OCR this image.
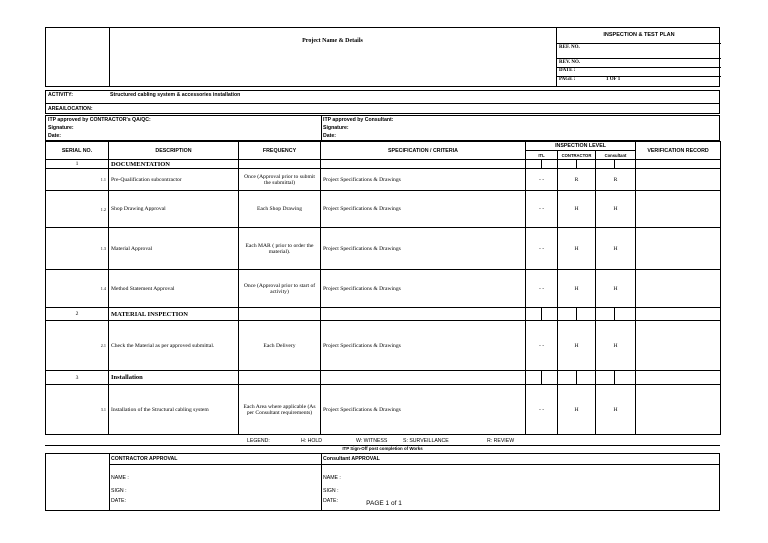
Project Name & Details
INSPECTION & TEST PLAN
REF. NO.
REV. NO.
DATE :
PAGE :	1 OF 1
ACTIVITY:	Structured cabling system & accessories installation
AREA/LOCATION:
ITP approved by CONTRACTOR's QA/QC:
Signature:
Date:
ITP approved by Consultant:
Signature:
Date:
SERIAL NO.	DESCRIPTION	FREQUENCY	SPECIFICATION / CRITERIA	INSPECTION LEVEL						VERIFICATION RECORD
				ITL		CONTRACTOR		Consultant		
1	DOCUMENTATION									
1.1	Pre-Qualification subcontractor	Once (Approval prior to submit the submittal)	Project Specifications & Drawings	- -		R		R		
1.2	Shop Drawing Approval	Each Shop Drawing	Project Specifications & Drawings	- -		H		H		
1.3	Material Approval	Each MAR ( prior to order the material).	Project Specifications & Drawings	- -		H		H		
1.4	Method Statement Approval	Once (Approval prior to start of activity)	Project Specifications & Drawings	- -		H		H		
2	MATERIAL INSPECTION									
2.1	Check the Material as per approved submittal.	Each Delivery	Project Specifications & Drawings	- -		H		H		
3	Installation									
3.1	Installation of the Structural cabling system	Each Area where applicable (As per Consultant requirements)	Project Specifications & Drawings	- -		H		H		
LEGEND:	H: HOLD	W: WITNESS	S: SURVEILLANCE	R: REVIEW
ITP Sign-Off post completion of Works
CONTRACTOR APPROVAL	Consultant APPROVAL
NAME :
SIGN :
DATE:
NAME :
SIGN :
DATE:	PAGE 1 of 1
